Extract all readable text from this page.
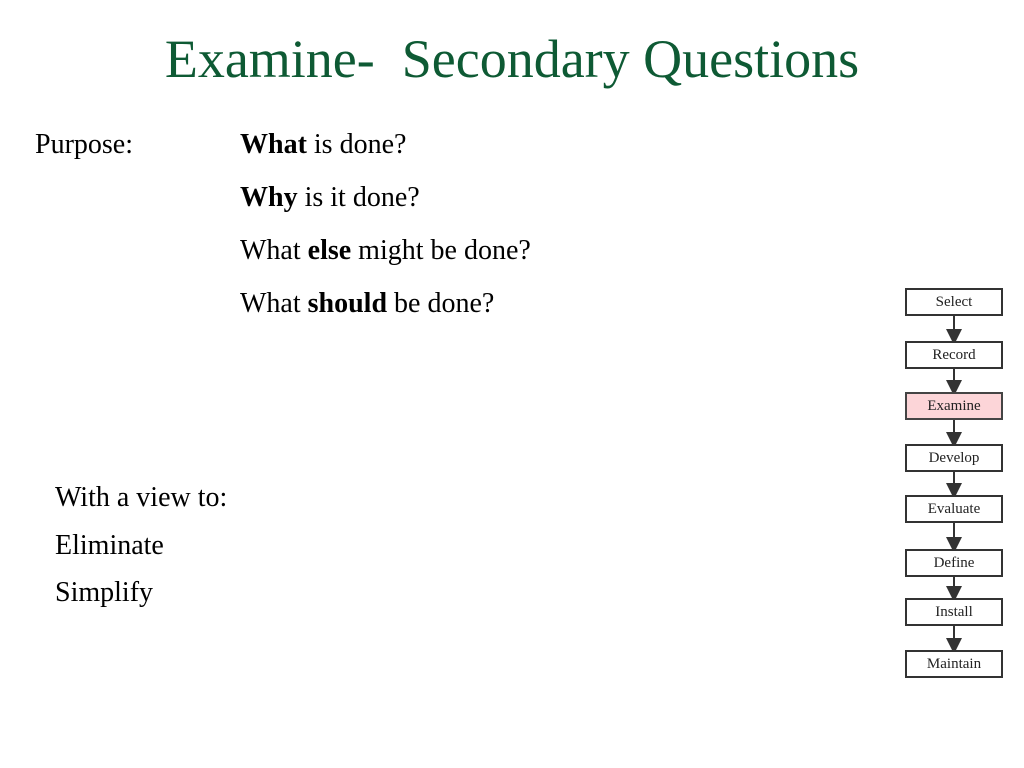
Examine-  Secondary Questions
Purpose:	What is done?
Why is it done?
What else might be done?
What should be done?
With a view to:
Eliminate
Simplify
Select
Record
Examine
Develop
Evaluate
Define
Install
Maintain
